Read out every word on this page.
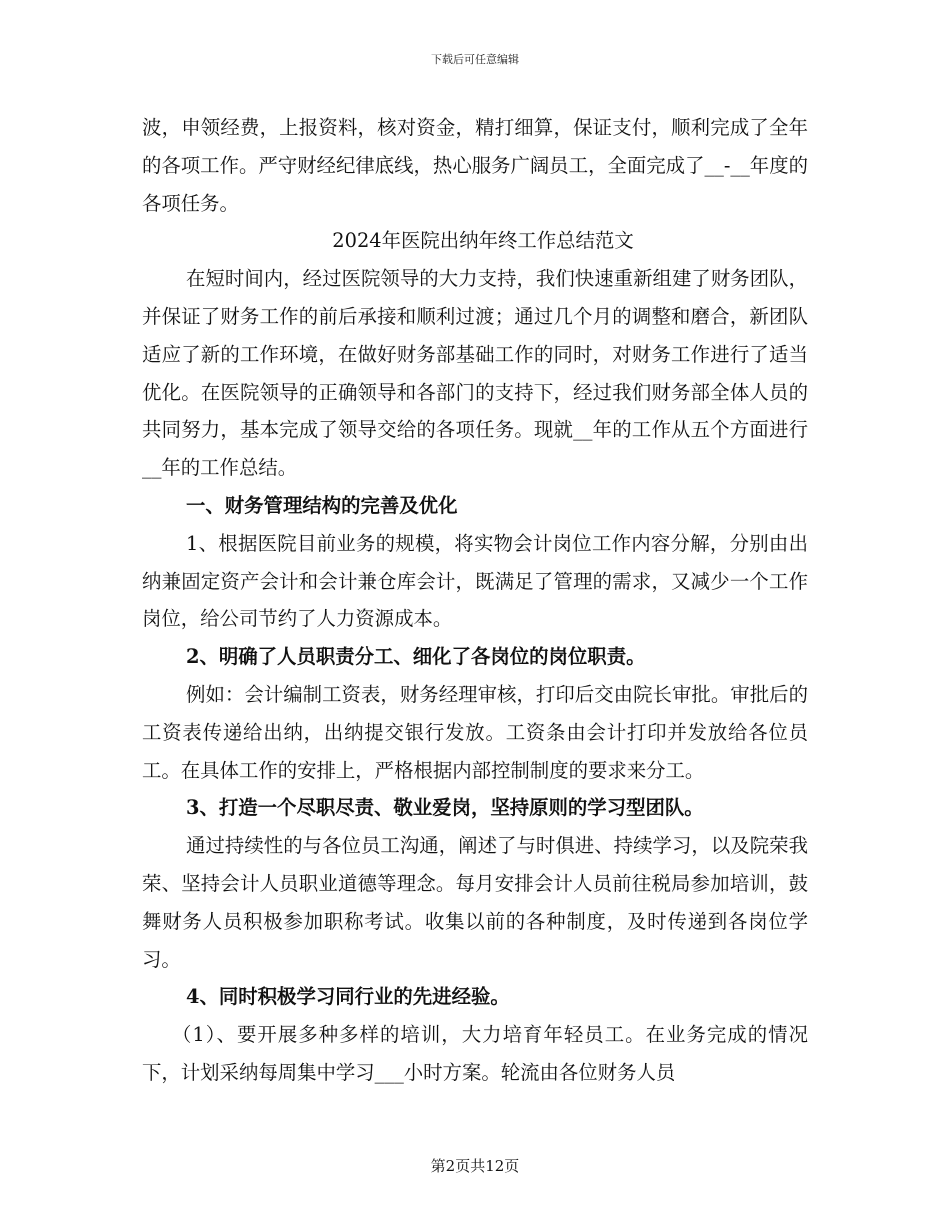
下载后可任意编辑

波，申领经费，上报资料，核对资金，精打细算，保证支付，顺利完成了全年的各项工作。严守财经纪律底线，热心服务广阔员工，全面完成了__-__年度的各项任务。

2024年医院出纳年终工作总结范文

在短时间内，经过医院领导的大力支持，我们快速重新组建了财务团队，并保证了财务工作的前后承接和顺利过渡；通过几个月的调整和磨合，新团队适应了新的工作环境，在做好财务部基础工作的同时，对财务工作进行了适当优化。在医院领导的正确领导和各部门的支持下，经过我们财务部全体人员的共同努力，基本完成了领导交给的各项任务。现就__年的工作从五个方面进行__年的工作总结。

一、财务管理结构的完善及优化

1、根据医院目前业务的规模，将实物会计岗位工作内容分解，分别由出纳兼固定资产会计和会计兼仓库会计，既满足了管理的需求，又减少一个工作岗位，给公司节约了人力资源成本。

2、明确了人员职责分工、细化了各岗位的岗位职责。

例如：会计编制工资表，财务经理审核，打印后交由院长审批。审批后的工资表传递给出纳，出纳提交银行发放。工资条由会计打印并发放给各位员工。在具体工作的安排上，严格根据内部控制制度的要求来分工。

3、打造一个尽职尽责、敬业爱岗，坚持原则的学习型团队。

通过持续性的与各位员工沟通，阐述了与时俱进、持续学习，以及院荣我荣、坚持会计人员职业道德等理念。每月安排会计人员前往税局参加培训，鼓舞财务人员积极参加职称考试。收集以前的各种制度，及时传递到各岗位学习。

4、同时积极学习同行业的先进经验。

（1）、要开展多种多样的培训，大力培育年轻员工。在业务完成的情况下，计划采纳每周集中学习___小时方案。轮流由各位财务人员

第2页共12页
